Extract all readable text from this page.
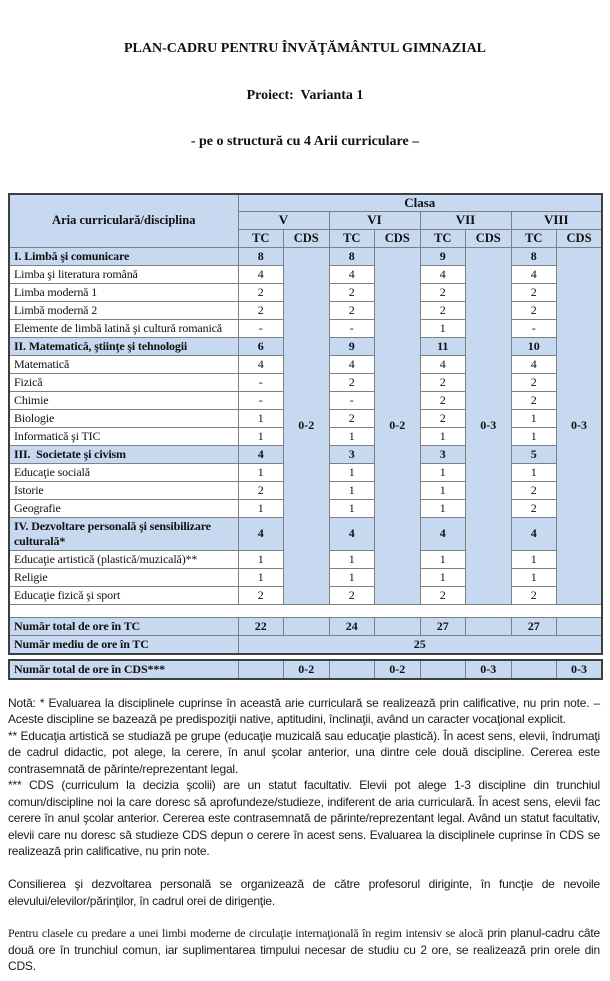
PLAN-CADRU PENTRU ÎNVĂŢĂMÂNTUL GIMNAZIAL

Proiect:  Varianta 1

- pe o structură cu 4 Arii curriculare –

Aria curriculară/disciplina	Clasa							
	V		VI		VII		VIII	
	TC	CDS	TC	CDS	TC	CDS	TC	CDS
I. Limbă şi comunicare	8	0-2	8	0-2	9	0-3	8	0-3
Limba şi literatura română	4		4		4		4	
Limba modernă 1	2		2		2		2	
Limbă modernă 2	2		2		2		2	
Elemente de limbă latină şi cultură romanică	-		-		1		-	
II. Matematică, ştiinţe şi tehnologii	6		9		11		10	
Matematică	4		4		4		4	
Fizică	-		2		2		2	
Chimie	-		-		2		2	
Biologie	1		2		2		1	
Informatică şi TIC	1		1		1		1	
III.  Societate şi civism	4		3		3		5	
Educaţie socială	1		1		1		1	
Istorie	2		1		1		2	
Geografie	1		1		1		2	
IV. Dezvoltare personală şi sensibilizare culturală*	4		4		4		4	
Educaţie artistică (plastică/muzicală)**	1		1		1		1	
Religie	1		1		1		1	
Educaţie fizică şi sport	2		2		2		2	

Număr total de ore în TC	22		24		27		27	
Număr mediu de ore în TC	25							
Număr total de ore în CDS***		0-2		0-2		0-3		0-3

Notă: * Evaluarea la disciplinele cuprinse în această arie curriculară se realizează prin calificative, nu prin note. – Aceste discipline se bazează pe predispoziţii native, aptitudini, înclinaţii, având un caracter vocaţional explicit.

** Educaţia artistică se studiază pe grupe (educaţie muzicală sau educaţie plastică). În acest sens, elevii, îndrumaţi de cadrul didactic, pot alege, la cerere, în anul şcolar anterior, una dintre cele două discipline. Cererea este contrasemnată de părinte/reprezentant legal.

*** CDS (curriculum la decizia şcolii) are un statut facultativ. Elevii pot alege 1-3 discipline din trunchiul comun/discipline noi la care doresc să aprofundeze/studieze, indiferent de aria curriculară. În acest sens, elevii fac cerere în anul şcolar anterior. Cererea este contrasemnată de părinte/reprezentant legal. Având un statut facultativ, elevii care nu doresc să studieze CDS depun o cerere în acest sens. Evaluarea la disciplinele cuprinse în CDS se realizează prin calificative, nu prin note.

Consilierea şi dezvoltarea personală se organizează de către profesorul diriginte, în funcţie de nevoile elevului/elevilor/părinţilor, în cadrul orei de dirigenţie.

Pentru clasele cu predare a unei limbi moderne de circulaţie internaţională în regim intensiv se alocă prin planul-cadru câte două ore în trunchiul comun, iar suplimentarea timpului necesar de studiu cu 2 ore, se realizează prin orele din CDS.
